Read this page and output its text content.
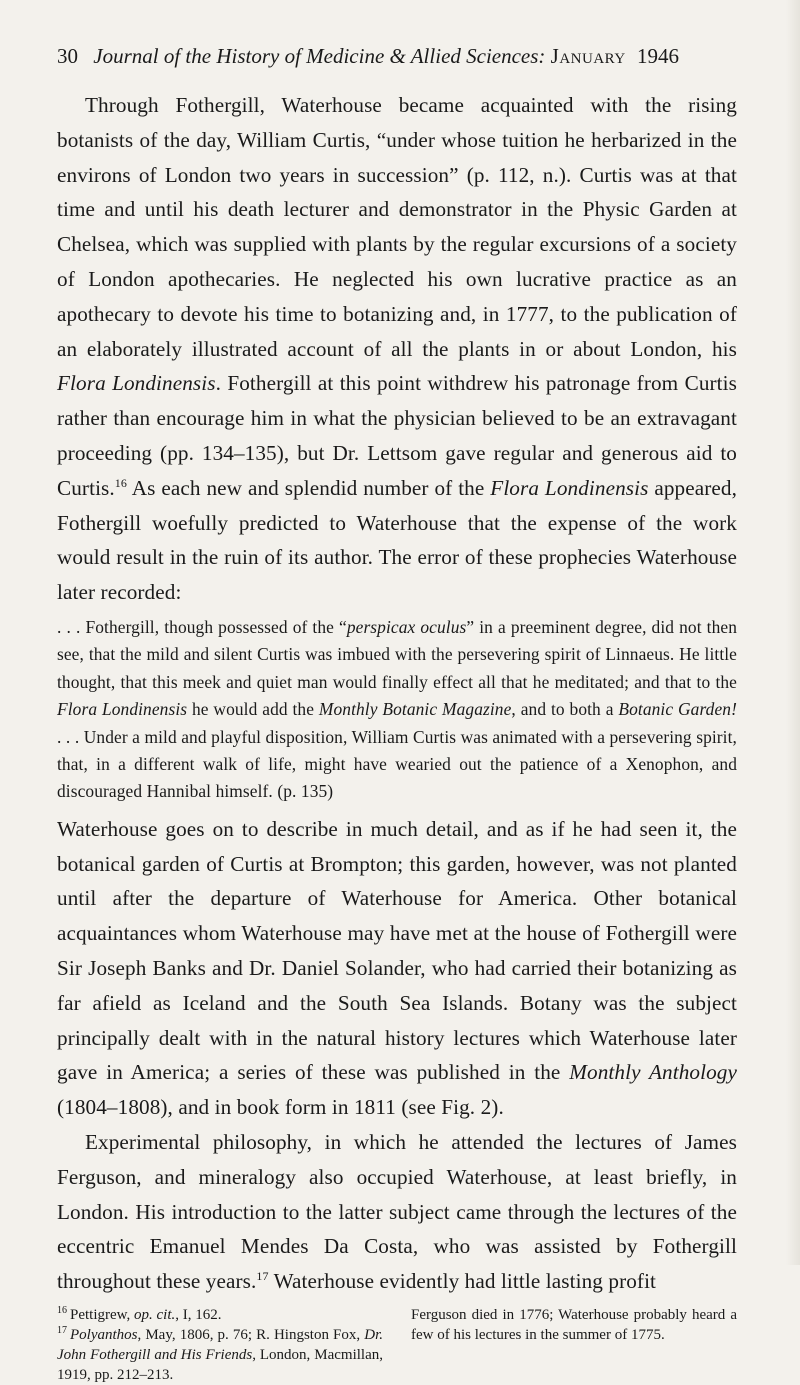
30 Journal of the History of Medicine & Allied Sciences: January 1946

Through Fothergill, Waterhouse became acquainted with the rising botanists of the day, William Curtis, “under whose tuition he herbarized in the environs of London two years in succession” (p. 112, n.). Curtis was at that time and until his death lecturer and demonstrator in the Physic Garden at Chelsea, which was supplied with plants by the regular excursions of a society of London apothecaries. He neglected his own lucrative practice as an apothecary to devote his time to botanizing and, in 1777, to the publication of an elaborately illustrated account of all the plants in or about London, his Flora Londinensis. Fothergill at this point withdrew his patronage from Curtis rather than encourage him in what the physician believed to be an extravagant proceeding (pp. 134–135), but Dr. Lettsom gave regular and generous aid to Curtis.$^{16}$ As each new and splendid number of the Flora Londinensis appeared, Fothergill woefully predicted to Waterhouse that the expense of the work would result in the ruin of its author. The error of these prophecies Waterhouse later recorded:

. . . Fothergill, though possessed of the “perspicax oculus” in a preeminent degree, did not then see, that the mild and silent Curtis was imbued with the persevering spirit of Linnaeus. He little thought, that this meek and quiet man would finally effect all that he meditated; and that to the Flora Londinensis he would add the Monthly Botanic Magazine, and to both a Botanic Garden! . . . Under a mild and playful disposition, William Curtis was animated with a persevering spirit, that, in a different walk of life, might have wearied out the patience of a Xenophon, and discouraged Hannibal himself. (p. 135)

Waterhouse goes on to describe in much detail, and as if he had seen it, the botanical garden of Curtis at Brompton; this garden, however, was not planted until after the departure of Waterhouse for America. Other botanical acquaintances whom Waterhouse may have met at the house of Fothergill were Sir Joseph Banks and Dr. Daniel Solander, who had carried their botanizing as far afield as Iceland and the South Sea Islands. Botany was the subject principally dealt with in the natural history lectures which Waterhouse later gave in America; a series of these was published in the Monthly Anthology (1804–1808), and in book form in 1811 (see Fig. 2).

Experimental philosophy, in which he attended the lectures of James Ferguson, and mineralogy also occupied Waterhouse, at least briefly, in London. His introduction to the latter subject came through the lectures of the eccentric Emanuel Mendes Da Costa, who was assisted by Fothergill throughout these years.$^{17}$ Waterhouse evidently had little lasting profit

$^{16}$ Pettigrew, op. cit., I, 162.

$^{17}$ Polyanthos, May, 1806, p. 76; R. Hingston Fox, Dr. John Fothergill and His Friends, London, Macmillan, 1919, pp. 212–213.

Ferguson died in 1776; Waterhouse probably heard a few of his lectures in the summer of 1775.
